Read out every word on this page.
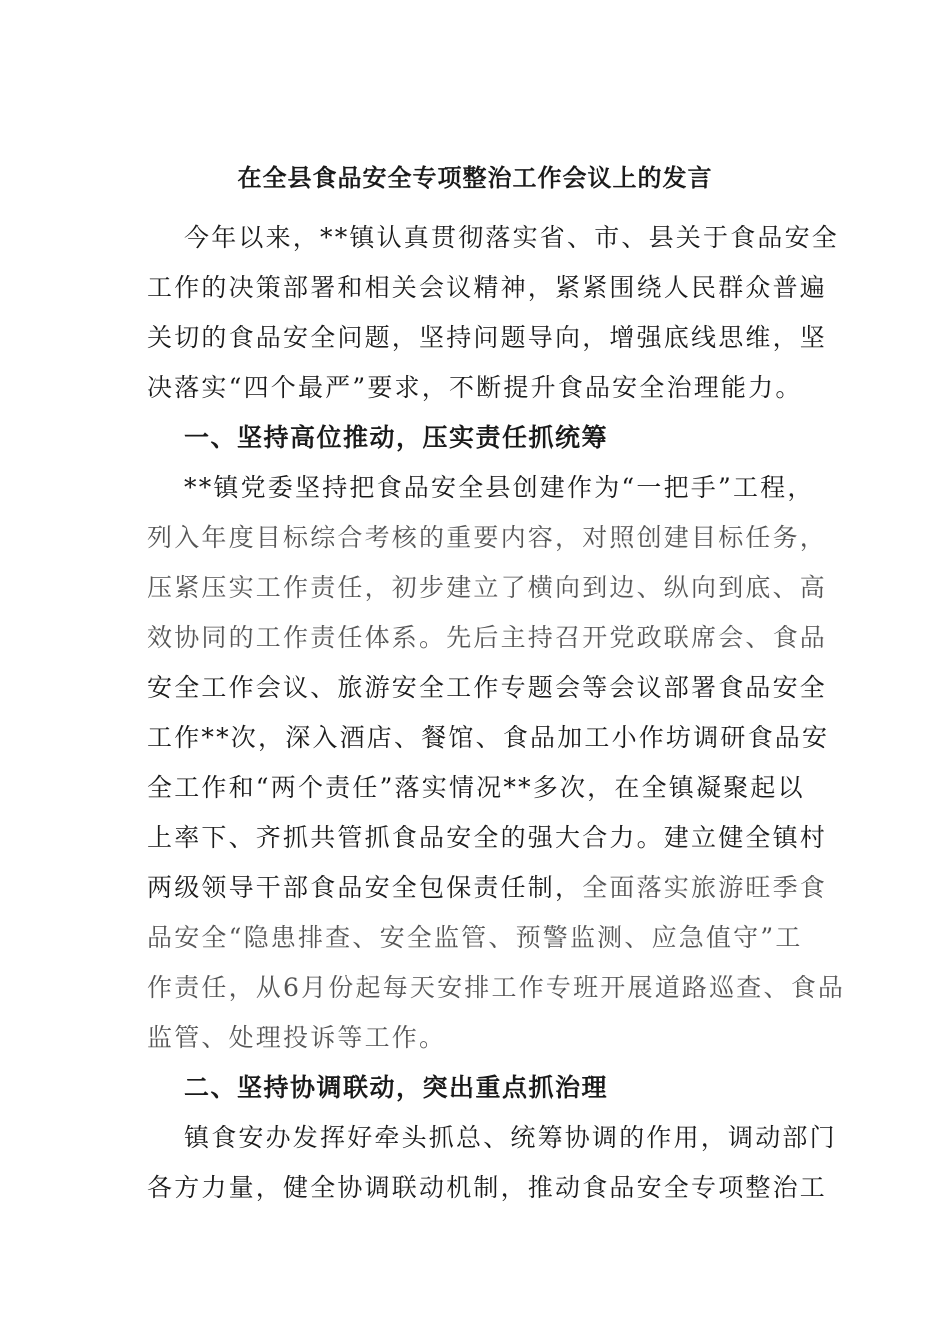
在全县食品安全专项整治工作会议上的发言
今年以来，**镇认真贯彻落实省、市、县关于食品安全
工作的决策部署和相关会议精神，紧紧围绕人民群众普遍
关切的食品安全问题，坚持问题导向，增强底线思维，坚
决落实“四个最严”要求，不断提升食品安全治理能力。
一、坚持高位推动，压实责任抓统筹
**镇党委坚持把食品安全县创建作为“一把手”工程，
列入年度目标综合考核的重要内容，对照创建目标任务，
压紧压实工作责任，初步建立了横向到边、纵向到底、高
效协同的工作责任体系。先后主持召开党政联席会、食品
安全工作会议、旅游安全工作专题会等会议部署食品安全
工作**次，深入酒店、餐馆、食品加工小作坊调研食品安
全工作和“两个责任”落实情况**多次，在全镇凝聚起以
上率下、齐抓共管抓食品安全的强大合力。建立健全镇村
两级领导干部食品安全包保责任制，全面落实旅游旺季食
品安全“隐患排查、安全监管、预警监测、应急值守”工
作责任，从6月份起每天安排工作专班开展道路巡查、食品
监管、处理投诉等工作。
二、坚持协调联动，突出重点抓治理
镇食安办发挥好牵头抓总、统筹协调的作用，调动部门
各方力量，健全协调联动机制，推动食品安全专项整治工
